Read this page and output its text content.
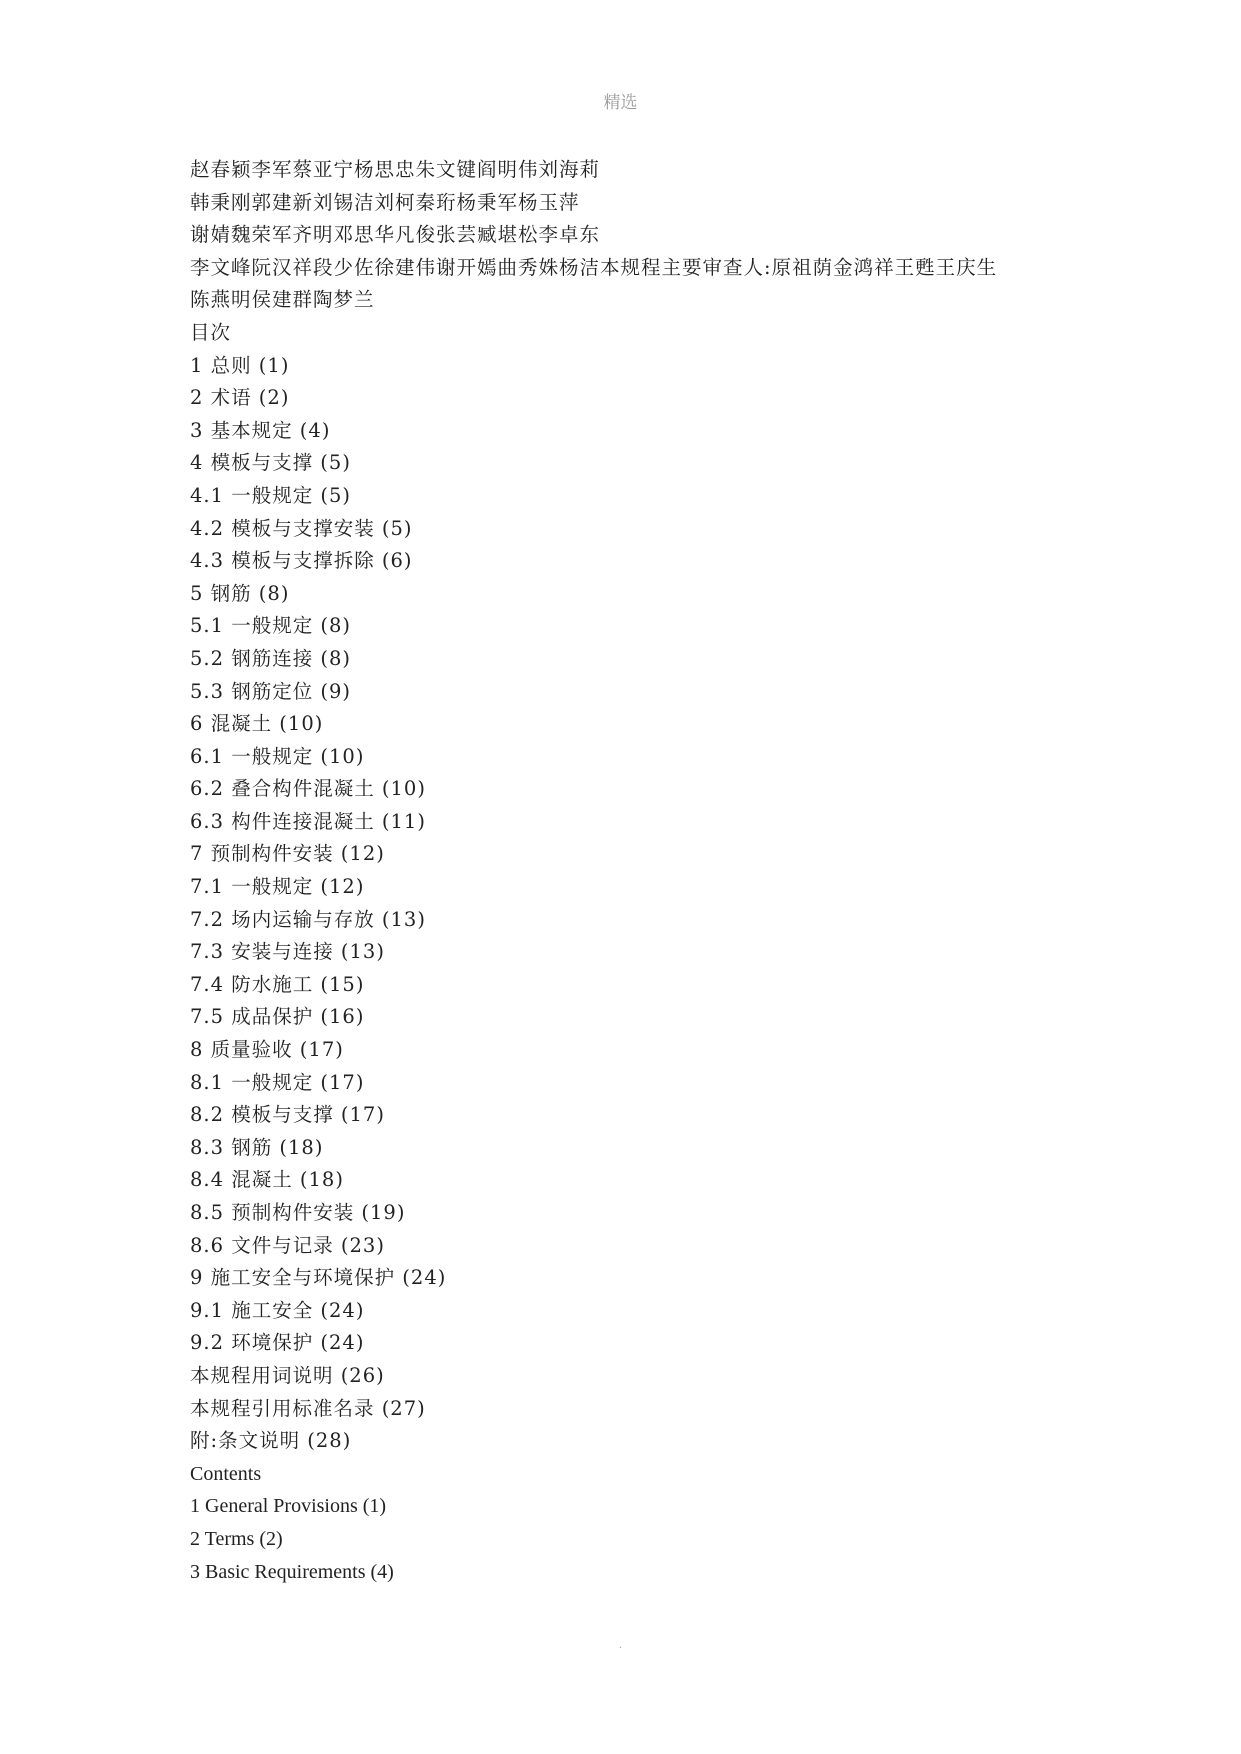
精选
赵春颖李军蔡亚宁杨思忠朱文键阎明伟刘海莉
韩秉刚郭建新刘锡洁刘柯秦珩杨秉军杨玉萍
谢婧魏荣军齐明邓思华凡俊张芸臧堪松李卓东
李文峰阮汉祥段少佐徐建伟谢开嫣曲秀姝杨洁本规程主要审查人:原祖荫金鸿祥王甦王庆生
陈燕明侯建群陶梦兰
目次
1 总则 (1)
2 术语 (2)
3 基本规定 (4)
4 模板与支撑 (5)
4.1 一般规定 (5)
4.2 模板与支撑安装 (5)
4.3 模板与支撑拆除 (6)
5 钢筋 (8)
5.1 一般规定 (8)
5.2 钢筋连接 (8)
5.3 钢筋定位 (9)
6 混凝土 (10)
6.1 一般规定 (10)
6.2 叠合构件混凝土 (10)
6.3 构件连接混凝土 (11)
7 预制构件安装 (12)
7.1 一般规定 (12)
7.2 场内运输与存放 (13)
7.3 安装与连接 (13)
7.4 防水施工 (15)
7.5 成品保护 (16)
8 质量验收 (17)
8.1 一般规定 (17)
8.2 模板与支撑 (17)
8.3 钢筋 (18)
8.4 混凝土 (18)
8.5 预制构件安装 (19)
8.6 文件与记录 (23)
9 施工安全与环境保护 (24)
9.1 施工安全 (24)
9.2 环境保护 (24)
本规程用词说明 (26)
本规程引用标准名录 (27)
附:条文说明 (28)
Contents
1 General Provisions (1)
2 Terms (2)
3 Basic Requirements (4)
.
